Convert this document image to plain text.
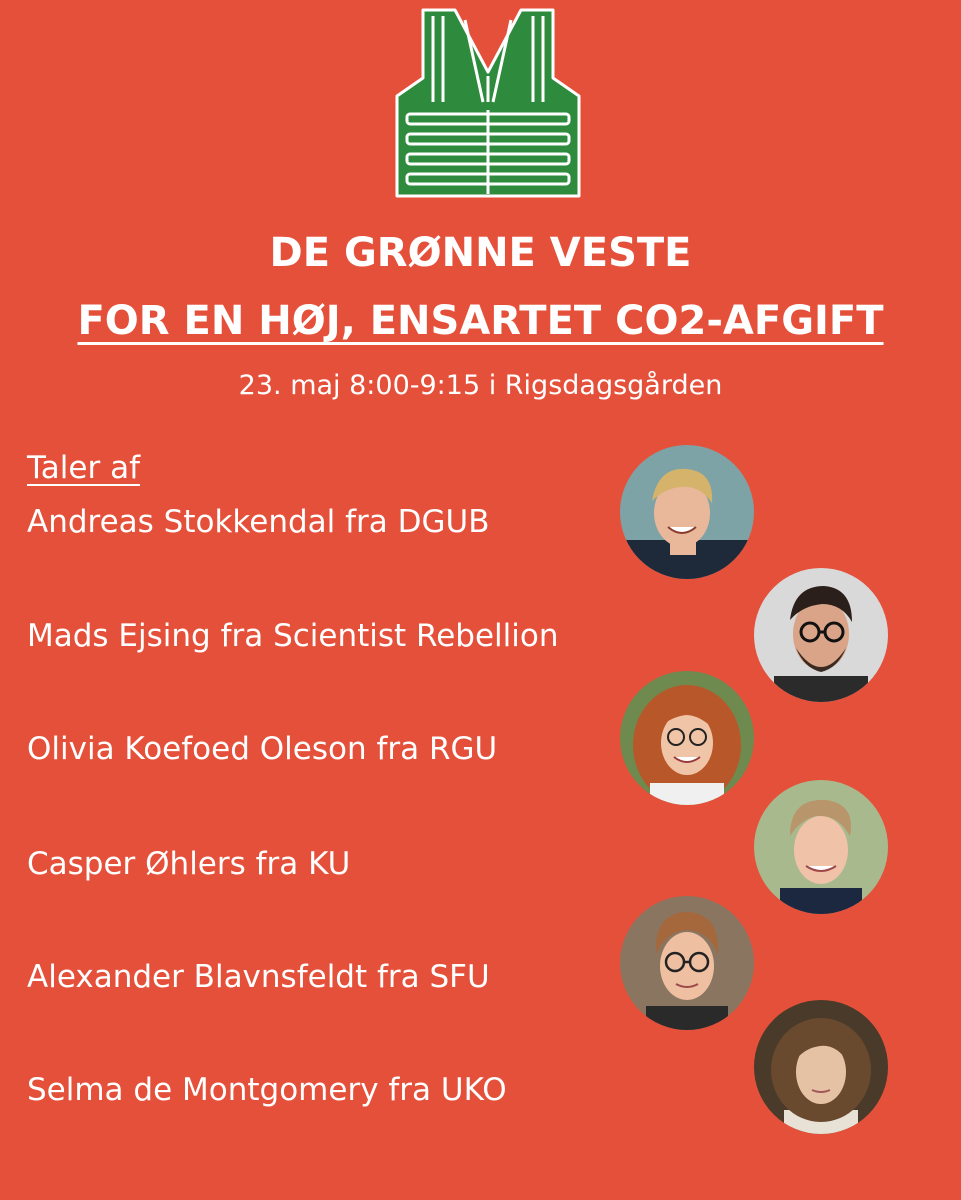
DE GRØNNE VESTE
FOR EN HØJ, ENSARTET CO2-AFGIFT
23. maj 8:00-9:15 i Rigsdagsgården
Taler af
Andreas Stokkendal fra DGUB
Mads Ejsing fra Scientist Rebellion
Olivia Koefoed Oleson fra RGU
Casper Øhlers fra KU
Alexander Blavnsfeldt fra SFU
Selma de Montgomery fra UKO
